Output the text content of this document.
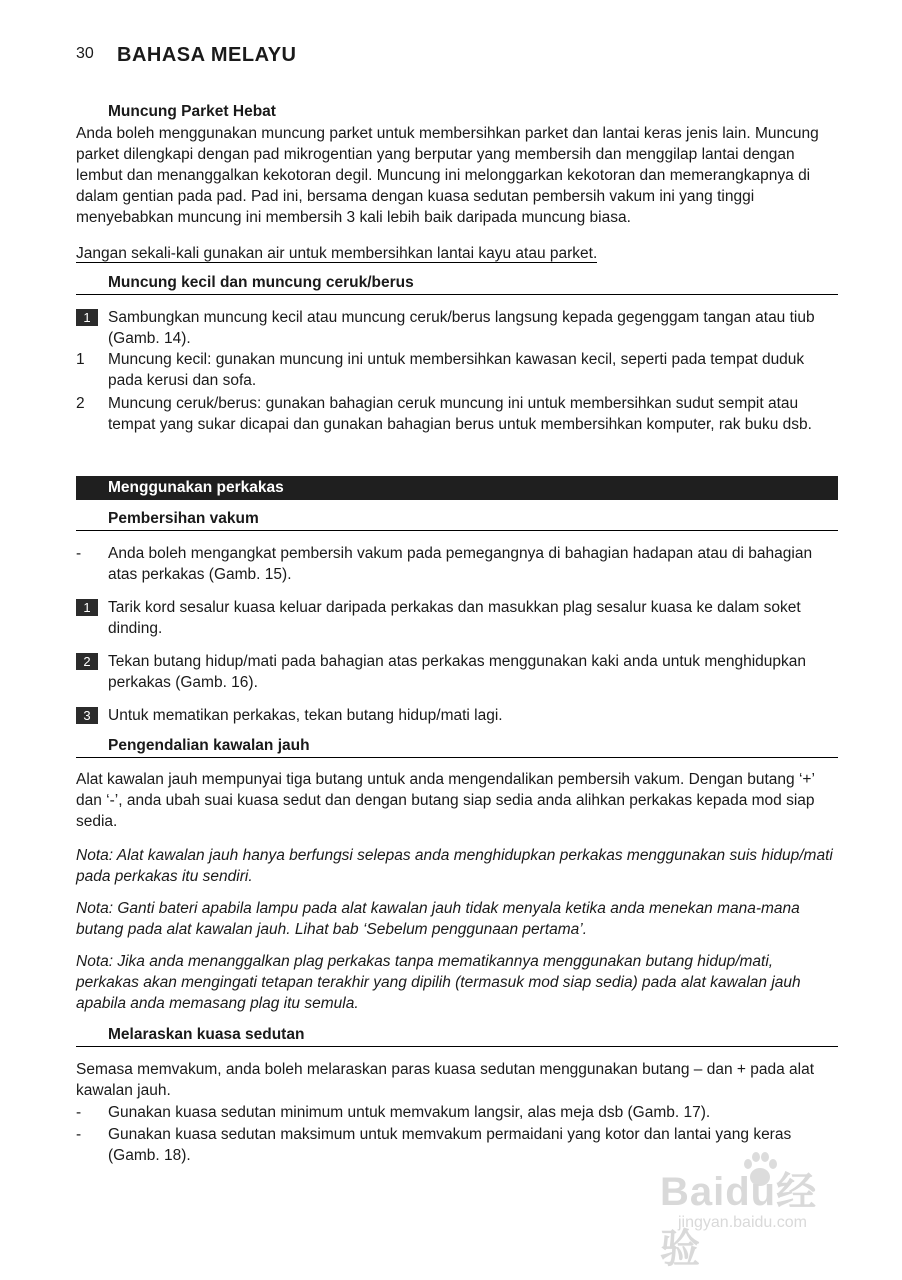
30 BAHASA MELAYU
Muncung Parket Hebat
Anda boleh menggunakan muncung parket untuk membersihkan parket dan lantai keras jenis lain. Muncung parket dilengkapi dengan pad mikrogentian yang berputar yang membersih dan menggilap lantai dengan lembut dan menanggalkan kekotoran degil. Muncung ini melonggarkan kekotoran dan memerangkapnya di dalam gentian pada pad. Pad ini, bersama dengan kuasa sedutan pembersih vakum ini yang tinggi menyebabkan muncung ini membersih 3 kali lebih baik daripada muncung biasa.
Jangan sekali-kali gunakan air untuk membersihkan lantai kayu atau parket.
Muncung kecil dan muncung ceruk/berus
1	Sambungkan muncung kecil atau muncung ceruk/berus langsung kepada gegenggam tangan atau tiub (Gamb. 14).
1 Muncung kecil: gunakan muncung ini untuk membersihkan kawasan kecil, seperti pada tempat duduk pada kerusi dan sofa.
2 Muncung ceruk/berus: gunakan bahagian ceruk muncung ini untuk membersihkan sudut sempit atau tempat yang sukar dicapai dan gunakan bahagian berus untuk membersihkan komputer, rak buku dsb.
Menggunakan perkakas
Pembersihan vakum
- Anda boleh mengangkat pembersih vakum pada pemegangnya di bahagian hadapan atau di bahagian atas perkakas (Gamb. 15).
1	Tarik kord sesalur kuasa keluar daripada perkakas dan masukkan plag sesalur kuasa ke dalam soket dinding.
2	Tekan butang hidup/mati pada bahagian atas perkakas menggunakan kaki anda untuk menghidupkan perkakas (Gamb. 16).
3	Untuk mematikan perkakas, tekan butang hidup/mati lagi.
Pengendalian kawalan jauh
Alat kawalan jauh mempunyai tiga butang untuk anda mengendalikan pembersih vakum. Dengan butang ‘+’ dan ‘-’, anda ubah suai kuasa sedut dan dengan butang siap sedia anda alihkan perkakas kepada mod siap sedia.
Nota: Alat kawalan jauh hanya berfungsi selepas anda menghidupkan perkakas menggunakan suis hidup/mati pada perkakas itu sendiri.
Nota: Ganti bateri apabila lampu pada alat kawalan jauh tidak menyala ketika anda menekan mana-mana butang pada alat kawalan jauh. Lihat bab ‘Sebelum penggunaan pertama’.
Nota: Jika anda menanggalkan plag perkakas tanpa mematikannya menggunakan butang hidup/mati, perkakas akan mengingati tetapan terakhir yang dipilih (termasuk mod siap sedia) pada alat kawalan jauh apabila anda memasang plag itu semula.
Melaraskan kuasa sedutan
Semasa memvakum, anda boleh melaraskan paras kuasa sedutan menggunakan butang – dan + pada alat kawalan jauh.
- Gunakan kuasa sedutan minimum untuk memvakum langsir, alas meja dsb (Gamb. 17).
- Gunakan kuasa sedutan maksimum untuk memvakum permaidani yang kotor dan lantai yang keras (Gamb. 18).
Baidu经验
jingyan.baidu.com
